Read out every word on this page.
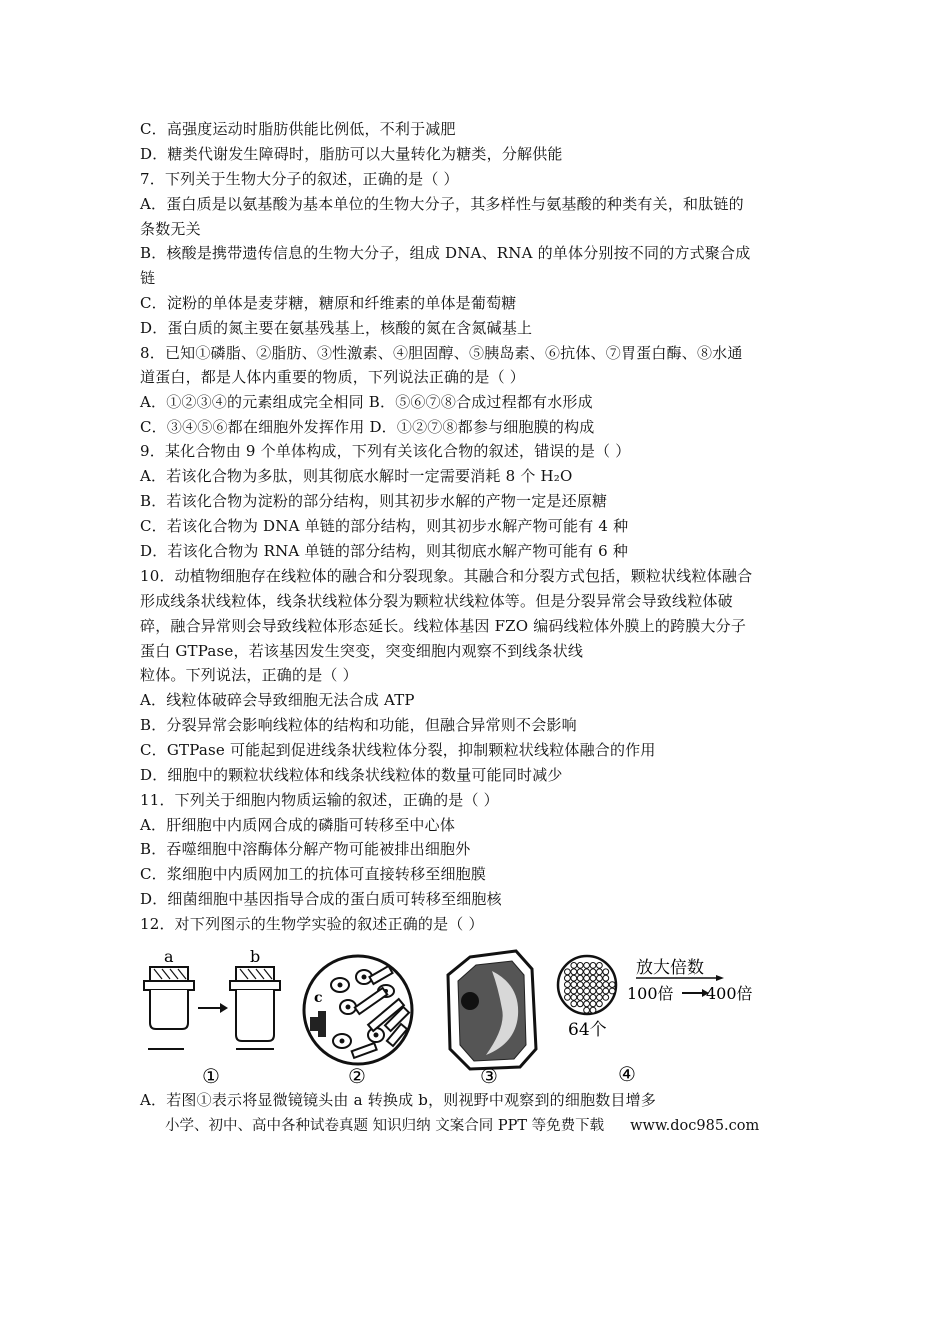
C．高强度运动时脂肪供能比例低，不利于减肥
D．糖类代谢发生障碍时，脂肪可以大量转化为糖类，分解供能
7．下列关于生物大分子的叙述，正确的是（ ）
A．蛋白质是以氨基酸为基本单位的生物大分子，其多样性与氨基酸的种类有关，和肽链的
条数无关
B．核酸是携带遗传信息的生物大分子，组成 DNA、RNA 的单体分别按不同的方式聚合成
链
C．淀粉的单体是麦芽糖，糖原和纤维素的单体是葡萄糖
D．蛋白质的氮主要在氨基残基上，核酸的氮在含氮碱基上
8．已知①磷脂、②脂肪、③性激素、④胆固醇、⑤胰岛素、⑥抗体、⑦胃蛋白酶、⑧水通
道蛋白，都是人体内重要的物质，下列说法正确的是（ ）
A．①②③④的元素组成完全相同 B．⑤⑥⑦⑧合成过程都有水形成
C．③④⑤⑥都在细胞外发挥作用 D．①②⑦⑧都参与细胞膜的构成
9．某化合物由 9 个单体构成，下列有关该化合物的叙述，错误的是（ ）
A．若该化合物为多肽，则其彻底水解时一定需要消耗 8 个 H₂O
B．若该化合物为淀粉的部分结构，则其初步水解的产物一定是还原糖
C．若该化合物为 DNA 单链的部分结构，则其初步水解产物可能有 4 种
D．若该化合物为 RNA 单链的部分结构，则其彻底水解产物可能有 6 种
10．动植物细胞存在线粒体的融合和分裂现象。其融合和分裂方式包括，颗粒状线粒体融合
形成线条状线粒体，线条状线粒体分裂为颗粒状线粒体等。但是分裂异常会导致线粒体破
碎，融合异常则会导致线粒体形态延长。线粒体基因 FZO 编码线粒体外膜上的跨膜大分子
蛋白 GTPase，若该基因发生突变，突变细胞内观察不到线条状线
粒体。下列说法，正确的是（ ）
A．线粒体破碎会导致细胞无法合成 ATP
B．分裂异常会影响线粒体的结构和功能，但融合异常则不会影响
C．GTPase 可能起到促进线条状线粒体分裂，抑制颗粒状线粒体融合的作用
D．细胞中的颗粒状线粒体和线条状线粒体的数量可能同时减少
11．下列关于细胞内物质运输的叙述，正确的是（ ）
A．肝细胞中内质网合成的磷脂可转移至中心体
B．吞噬细胞中溶酶体分解产物可能被排出细胞外
C．浆细胞中内质网加工的抗体可直接转移至细胞膜
D．细菌细胞中基因指导合成的蛋白质可转移至细胞核
12．对下列图示的生物学实验的叙述正确的是（ ）
a	b
①
c
②	③
64个
放大倍数
100倍 400倍
④
A．若图①表示将显微镜镜头由 a 转换成 b，则视野中观察到的细胞数目增多
小学、初中、高中各种试卷真题 知识归纳 文案合同 PPT 等免费下载 www.doc985.com
